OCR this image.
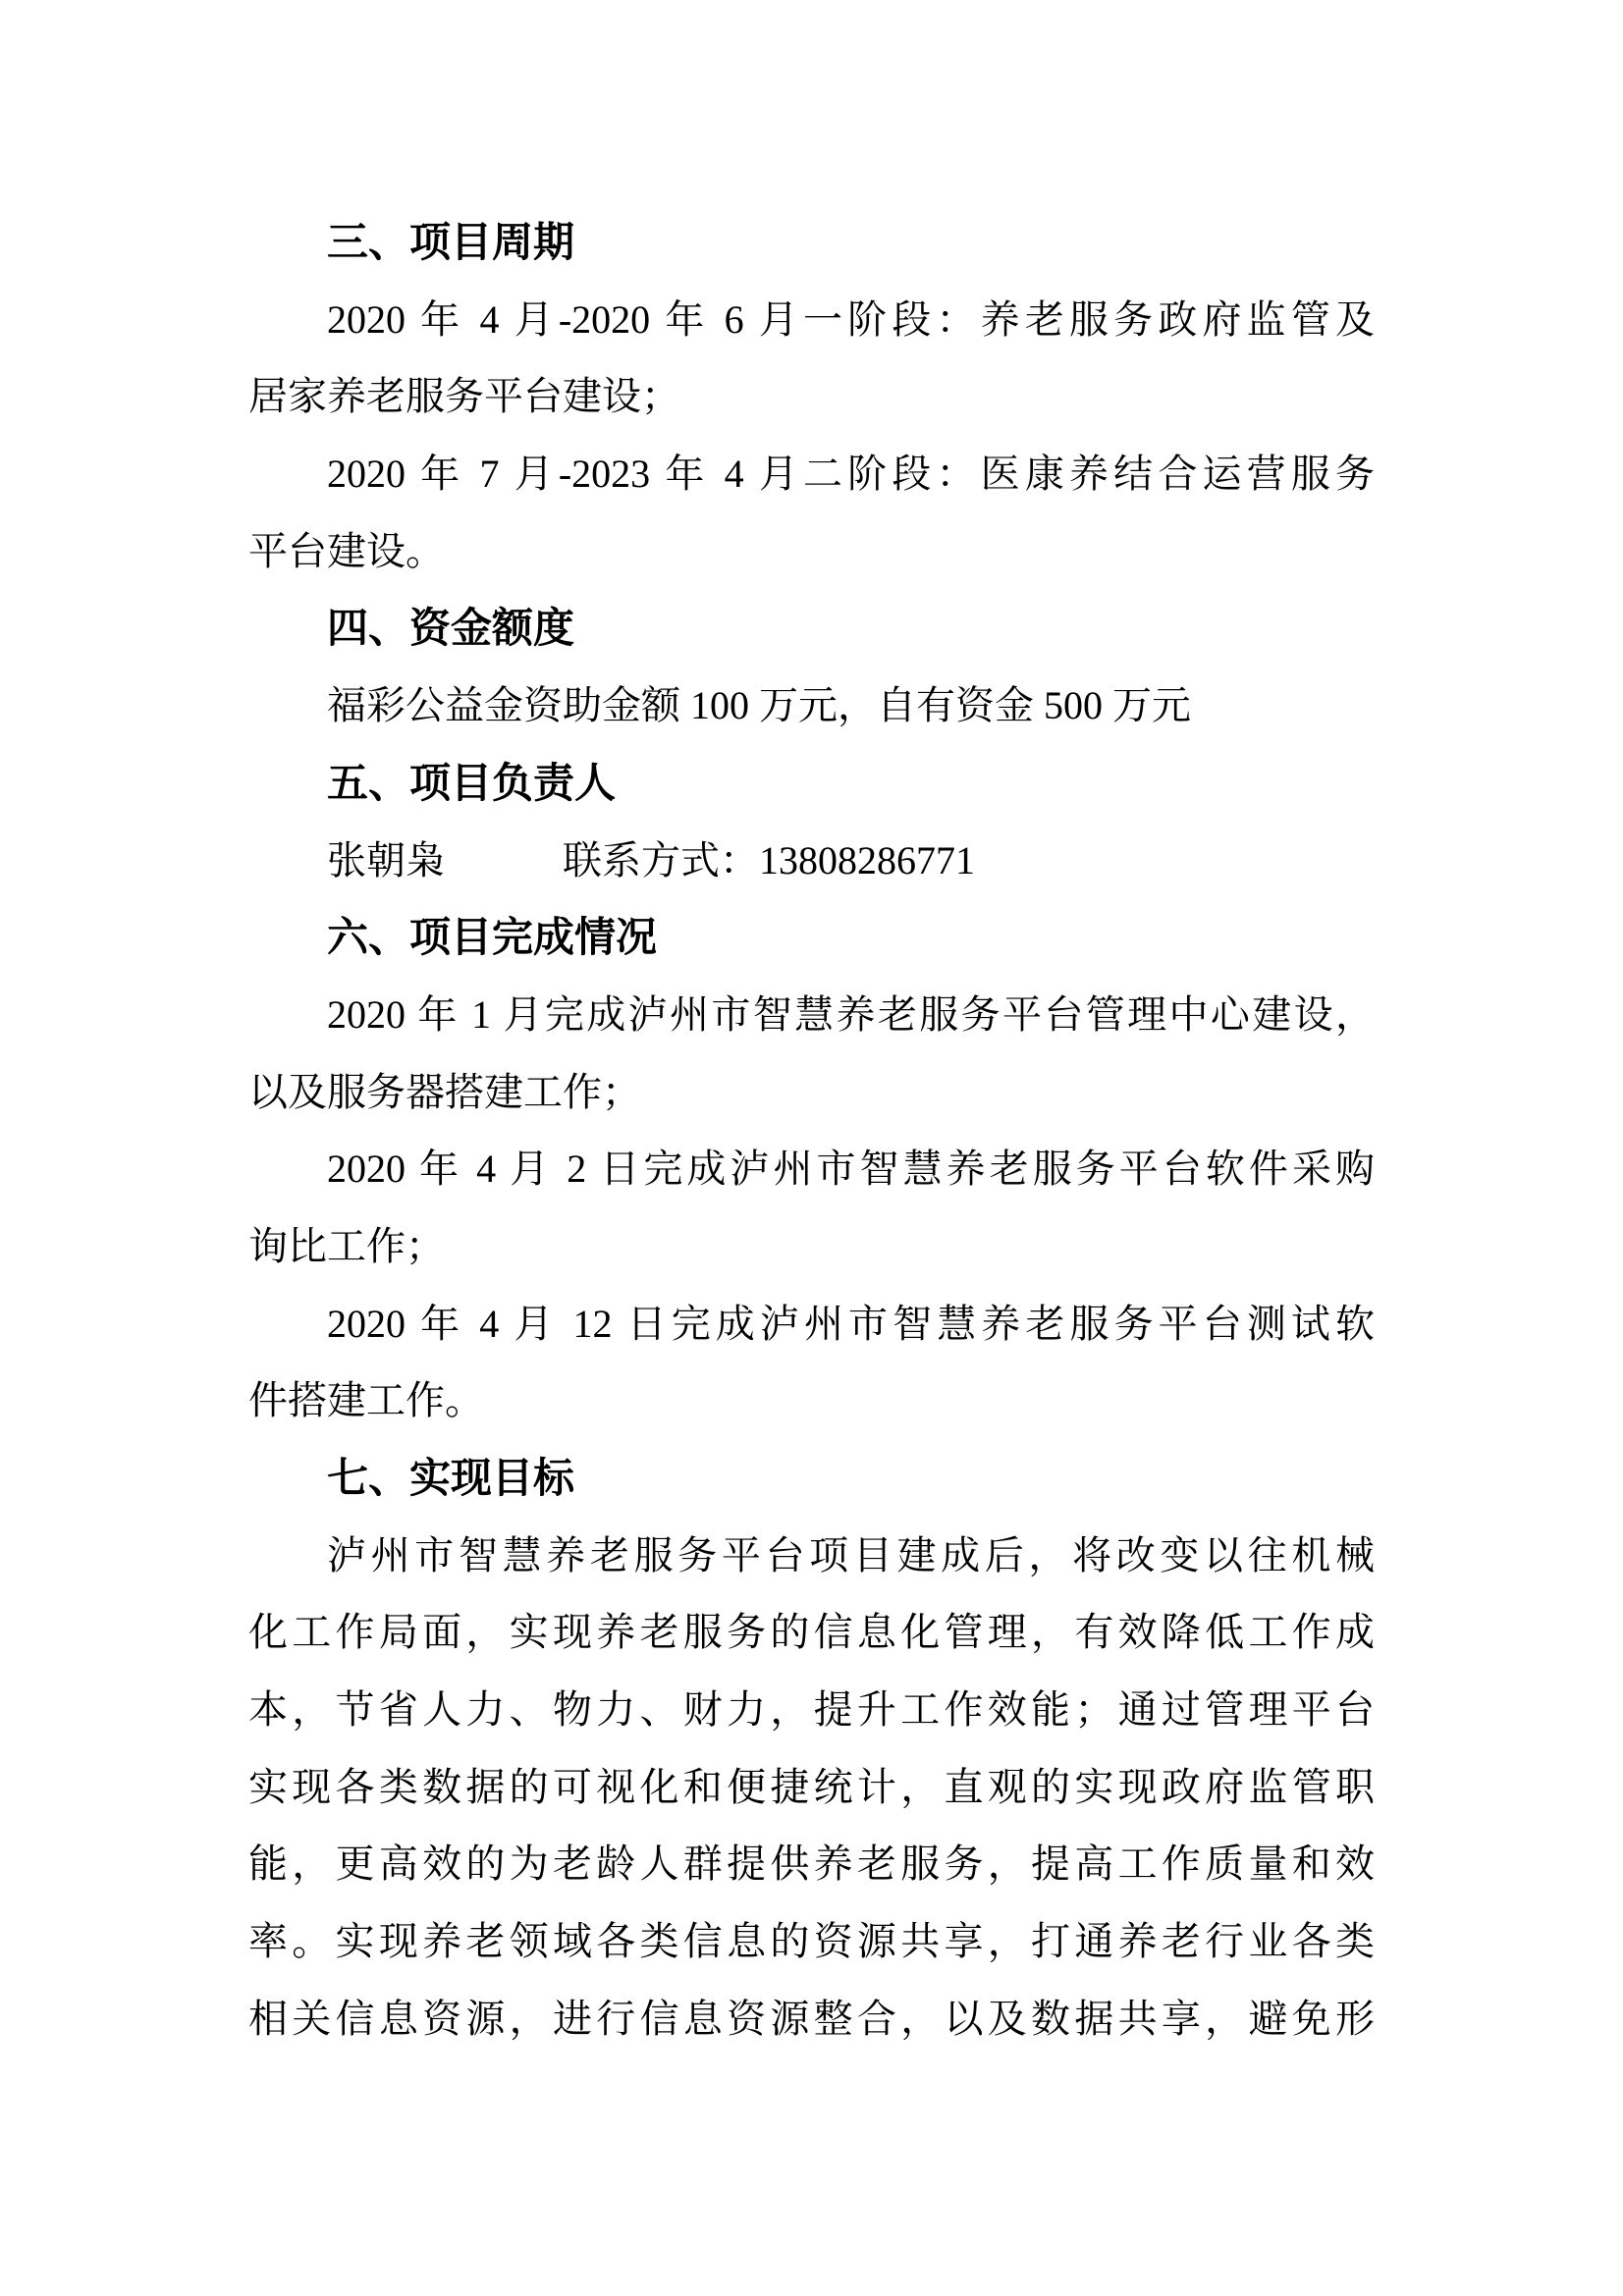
三、项目周期
2020 年 4 月-2020 年 6 月一阶段：养老服务政府监管及
居家养老服务平台建设；
2020 年 7 月-2023 年 4 月二阶段：医康养结合运营服务
平台建设。
四、资金额度
福彩公益金资助金额 100 万元，自有资金 500 万元
五、项目负责人
张朝枭　　　联系方式：13808286771
六、项目完成情况
2020 年 1 月完成泸州市智慧养老服务平台管理中心建设，
以及服务器搭建工作；
2020 年 4 月 2 日完成泸州市智慧养老服务平台软件采购
询比工作；
2020 年 4 月 12 日完成泸州市智慧养老服务平台测试软
件搭建工作。
七、实现目标
泸州市智慧养老服务平台项目建成后，将改变以往机械
化工作局面，实现养老服务的信息化管理，有效降低工作成
本，节省人力、物力、财力，提升工作效能；通过管理平台
实现各类数据的可视化和便捷统计，直观的实现政府监管职
能，更高效的为老龄人群提供养老服务，提高工作质量和效
率。实现养老领域各类信息的资源共享，打通养老行业各类
相关信息资源，进行信息资源整合，以及数据共享，避免形
